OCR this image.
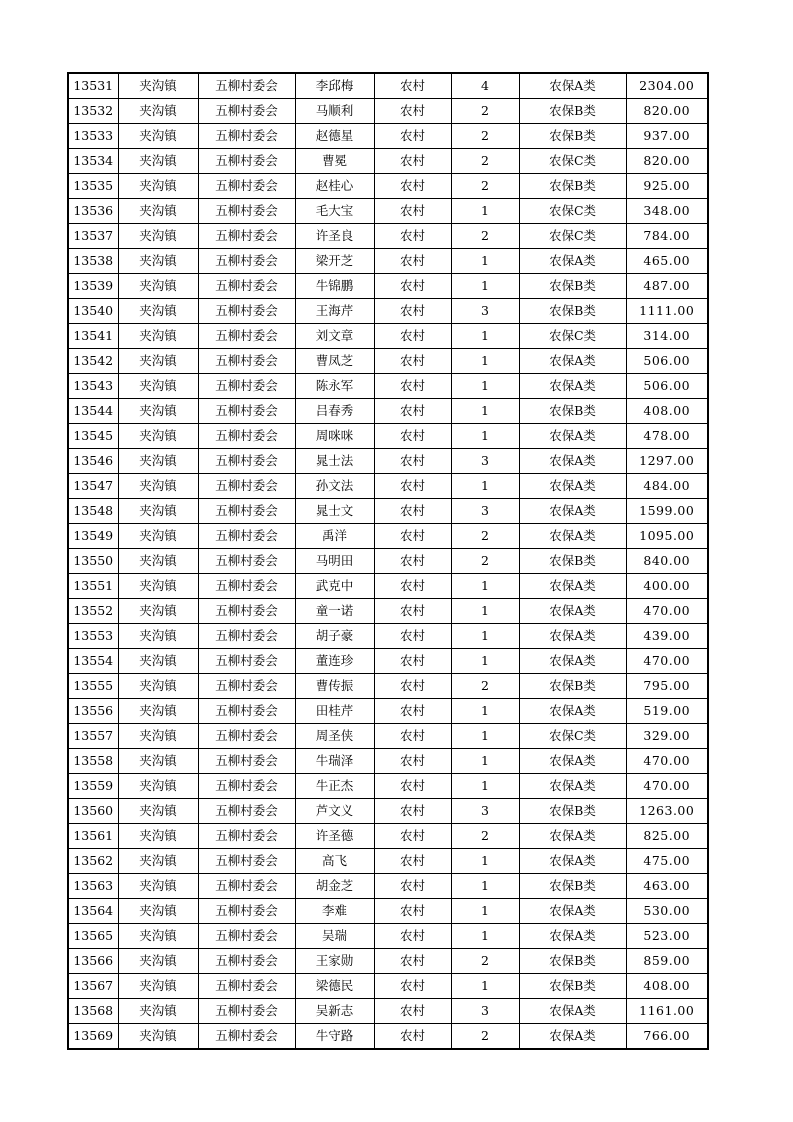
13531	夹沟镇	五柳村委会	李邱梅	农村	4	农保A类	2304.00
13532	夹沟镇	五柳村委会	马顺利	农村	2	农保B类	820.00
13533	夹沟镇	五柳村委会	赵德星	农村	2	农保B类	937.00
13534	夹沟镇	五柳村委会	曹冕	农村	2	农保C类	820.00
13535	夹沟镇	五柳村委会	赵桂心	农村	2	农保B类	925.00
13536	夹沟镇	五柳村委会	毛大宝	农村	1	农保C类	348.00
13537	夹沟镇	五柳村委会	许圣良	农村	2	农保C类	784.00
13538	夹沟镇	五柳村委会	梁开芝	农村	1	农保A类	465.00
13539	夹沟镇	五柳村委会	牛锦鹏	农村	1	农保B类	487.00
13540	夹沟镇	五柳村委会	王海芹	农村	3	农保B类	1111.00
13541	夹沟镇	五柳村委会	刘文章	农村	1	农保C类	314.00
13542	夹沟镇	五柳村委会	曹凤芝	农村	1	农保A类	506.00
13543	夹沟镇	五柳村委会	陈永军	农村	1	农保A类	506.00
13544	夹沟镇	五柳村委会	吕春秀	农村	1	农保B类	408.00
13545	夹沟镇	五柳村委会	周咪咪	农村	1	农保A类	478.00
13546	夹沟镇	五柳村委会	晁士法	农村	3	农保A类	1297.00
13547	夹沟镇	五柳村委会	孙文法	农村	1	农保A类	484.00
13548	夹沟镇	五柳村委会	晁士文	农村	3	农保A类	1599.00
13549	夹沟镇	五柳村委会	禹洋	农村	2	农保A类	1095.00
13550	夹沟镇	五柳村委会	马明田	农村	2	农保B类	840.00
13551	夹沟镇	五柳村委会	武克中	农村	1	农保A类	400.00
13552	夹沟镇	五柳村委会	童一诺	农村	1	农保A类	470.00
13553	夹沟镇	五柳村委会	胡子豪	农村	1	农保A类	439.00
13554	夹沟镇	五柳村委会	董连珍	农村	1	农保A类	470.00
13555	夹沟镇	五柳村委会	曹传振	农村	2	农保B类	795.00
13556	夹沟镇	五柳村委会	田桂芹	农村	1	农保A类	519.00
13557	夹沟镇	五柳村委会	周圣侠	农村	1	农保C类	329.00
13558	夹沟镇	五柳村委会	牛瑞泽	农村	1	农保A类	470.00
13559	夹沟镇	五柳村委会	牛正杰	农村	1	农保A类	470.00
13560	夹沟镇	五柳村委会	芦文义	农村	3	农保B类	1263.00
13561	夹沟镇	五柳村委会	许圣德	农村	2	农保A类	825.00
13562	夹沟镇	五柳村委会	高飞	农村	1	农保A类	475.00
13563	夹沟镇	五柳村委会	胡金芝	农村	1	农保B类	463.00
13564	夹沟镇	五柳村委会	李难	农村	1	农保A类	530.00
13565	夹沟镇	五柳村委会	吴瑞	农村	1	农保A类	523.00
13566	夹沟镇	五柳村委会	王家勋	农村	2	农保B类	859.00
13567	夹沟镇	五柳村委会	梁德民	农村	1	农保B类	408.00
13568	夹沟镇	五柳村委会	吴新志	农村	3	农保A类	1161.00
13569	夹沟镇	五柳村委会	牛守路	农村	2	农保A类	766.00
